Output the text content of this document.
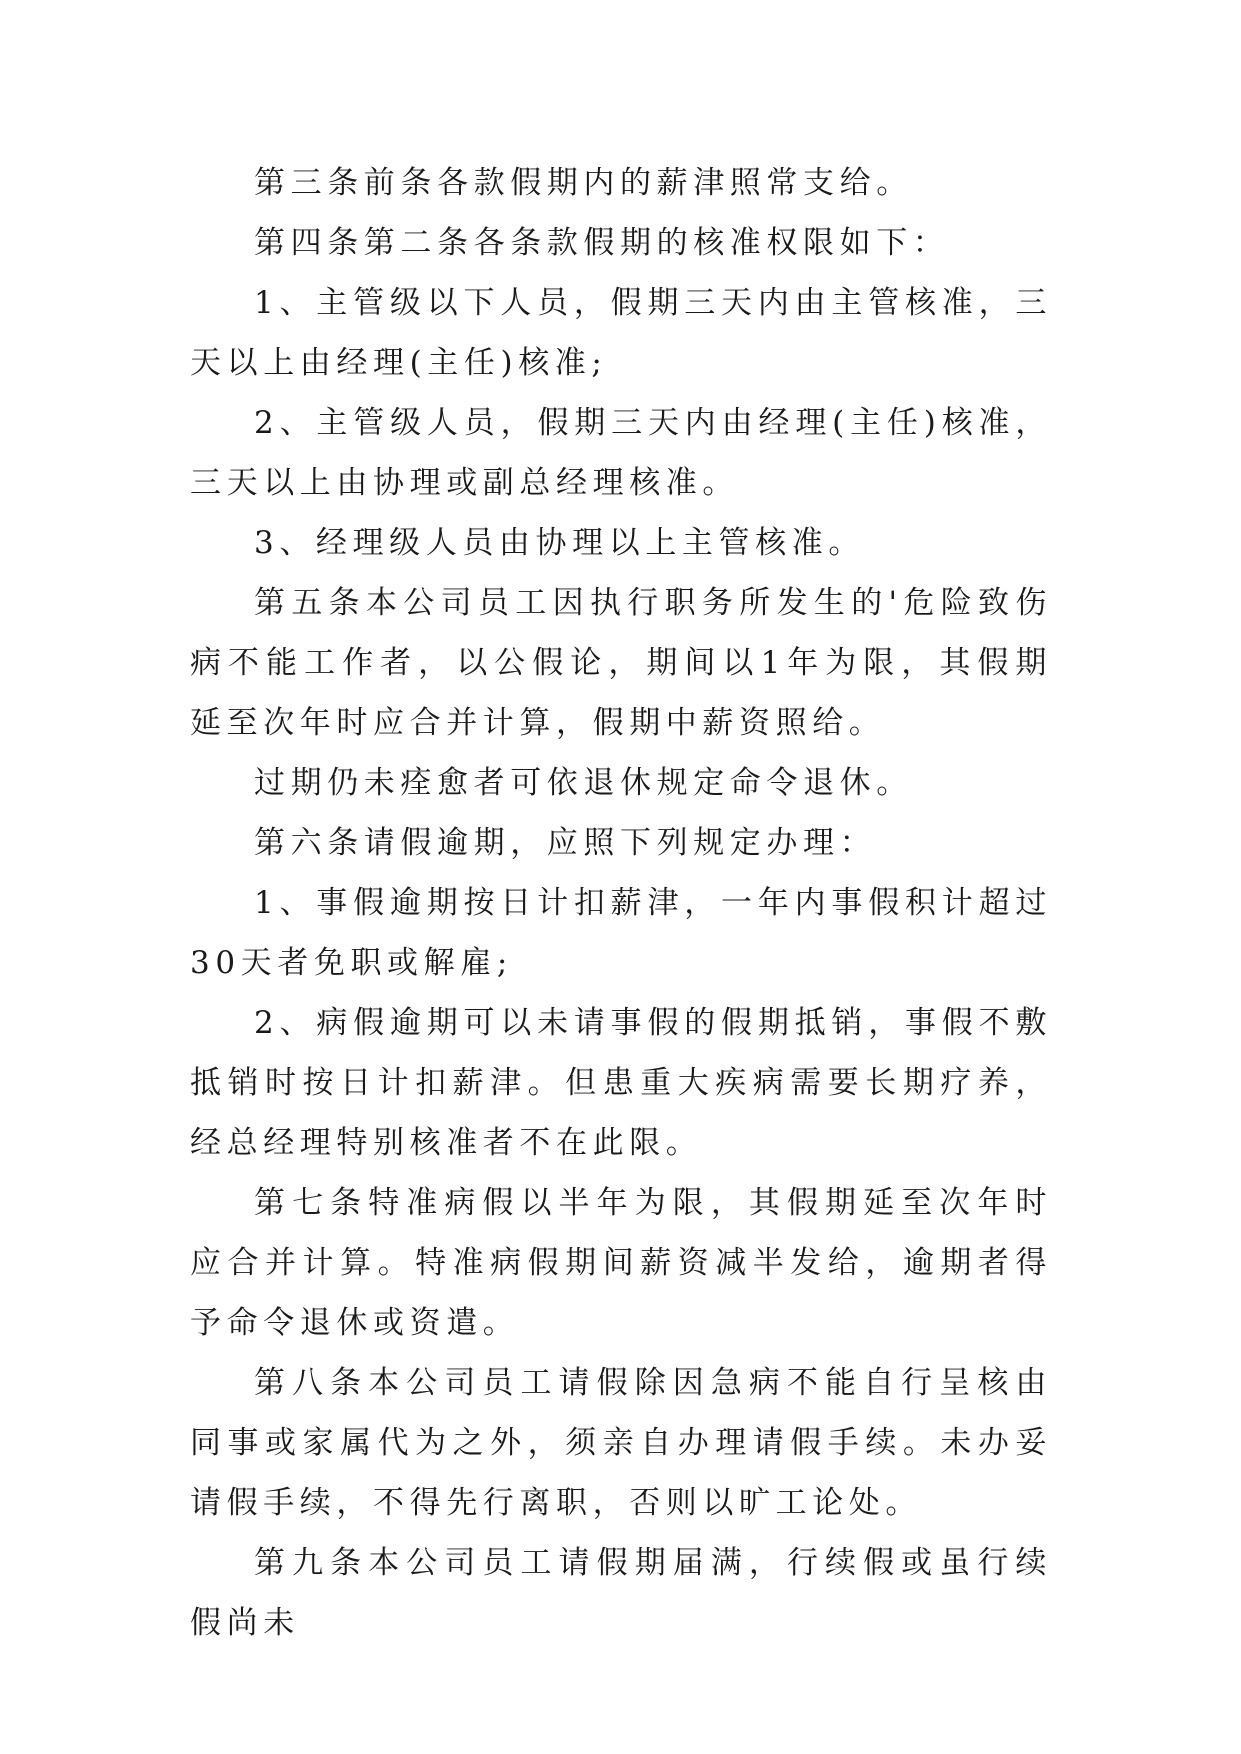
第三条前条各款假期内的薪津照常支给。

第四条第二条各条款假期的核准权限如下：

1、主管级以下人员，假期三天内由主管核准，三天以上由经理(主任)核准;

2、主管级人员，假期三天内由经理(主任)核准，三天以上由协理或副总经理核准。

3、经理级人员由协理以上主管核准。

第五条本公司员工因执行职务所发生的'危险致伤病不能工作者，以公假论，期间以1年为限，其假期延至次年时应合并计算，假期中薪资照给。

过期仍未痊愈者可依退休规定命令退休。

第六条请假逾期，应照下列规定办理：

1、事假逾期按日计扣薪津，一年内事假积计超过30天者免职或解雇;

2、病假逾期可以未请事假的假期抵销，事假不敷抵销时按日计扣薪津。但患重大疾病需要长期疗养，经总经理特别核准者不在此限。

第七条特准病假以半年为限，其假期延至次年时应合并计算。特准病假期间薪资减半发给，逾期者得予命令退休或资遣。

第八条本公司员工请假除因急病不能自行呈核由同事或家属代为之外，须亲自办理请假手续。未办妥请假手续，不得先行离职，否则以旷工论处。

第九条本公司员工请假期届满，行续假或虽行续假尚未
